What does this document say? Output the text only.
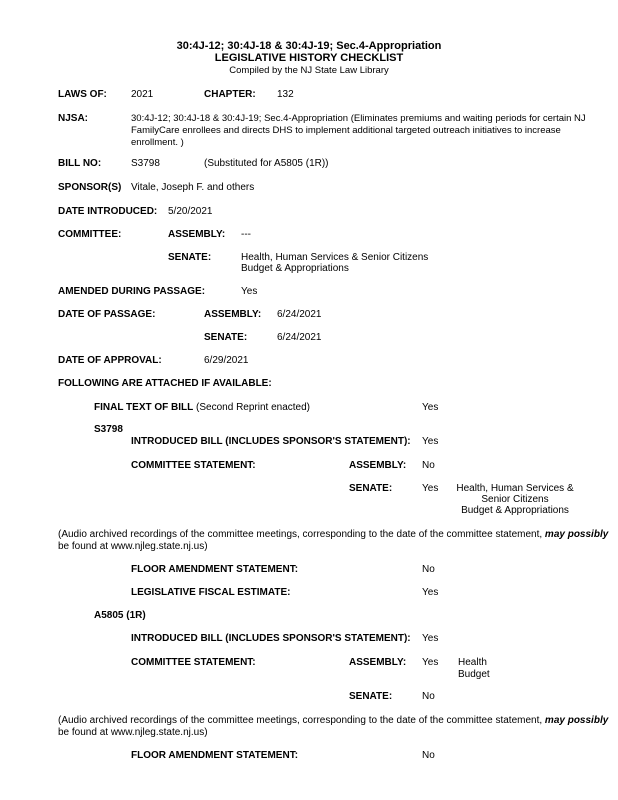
30:4J-12; 30:4J-18 & 30:4J-19; Sec.4-Appropriation
LEGISLATIVE HISTORY CHECKLIST
Compiled by the NJ State Law Library
LAWS OF: 2021	CHAPTER: 132
NJSA:	30:4J-12; 30:4J-18 & 30:4J-19; Sec.4-Appropriation (Eliminates premiums and waiting periods for certain NJ FamilyCare enrollees and directs DHS to implement additional targeted outreach initiatives to increase enrollment. )
BILL NO:	S3798	(Substituted for A5805 (1R))
SPONSOR(S) Vitale, Joseph F. and others
DATE INTRODUCED: 5/20/2021
COMMITTEE:	ASSEMBLY: ---
SENATE:	Health, Human Services & Senior Citizens
Budget & Appropriations
AMENDED DURING PASSAGE:	Yes
DATE OF PASSAGE:	ASSEMBLY: 6/24/2021
SENATE:	6/24/2021
DATE OF APPROVAL:	6/29/2021
FOLLOWING ARE ATTACHED IF AVAILABLE:
FINAL TEXT OF BILL (Second Reprint enacted)	Yes
S3798
INTRODUCED BILL (INCLUDES SPONSOR'S STATEMENT): Yes
COMMITTEE STATEMENT:	ASSEMBLY: No
SENATE:	Yes	Health, Human Services &
Senior Citizens
Budget & Appropriations
(Audio archived recordings of the committee meetings, corresponding to the date of the committee statement, may possibly
be found at www.njleg.state.nj.us)
FLOOR AMENDMENT STATEMENT:	No
LEGISLATIVE FISCAL ESTIMATE:	Yes
A5805 (1R)
INTRODUCED BILL (INCLUDES SPONSOR'S STATEMENT): Yes
COMMITTEE STATEMENT:	ASSEMBLY: Yes Health
Budget
SENATE:	No
(Audio archived recordings of the committee meetings, corresponding to the date of the committee statement, may possibly
be found at www.njleg.state.nj.us)
FLOOR AMENDMENT STATEMENT:	No
